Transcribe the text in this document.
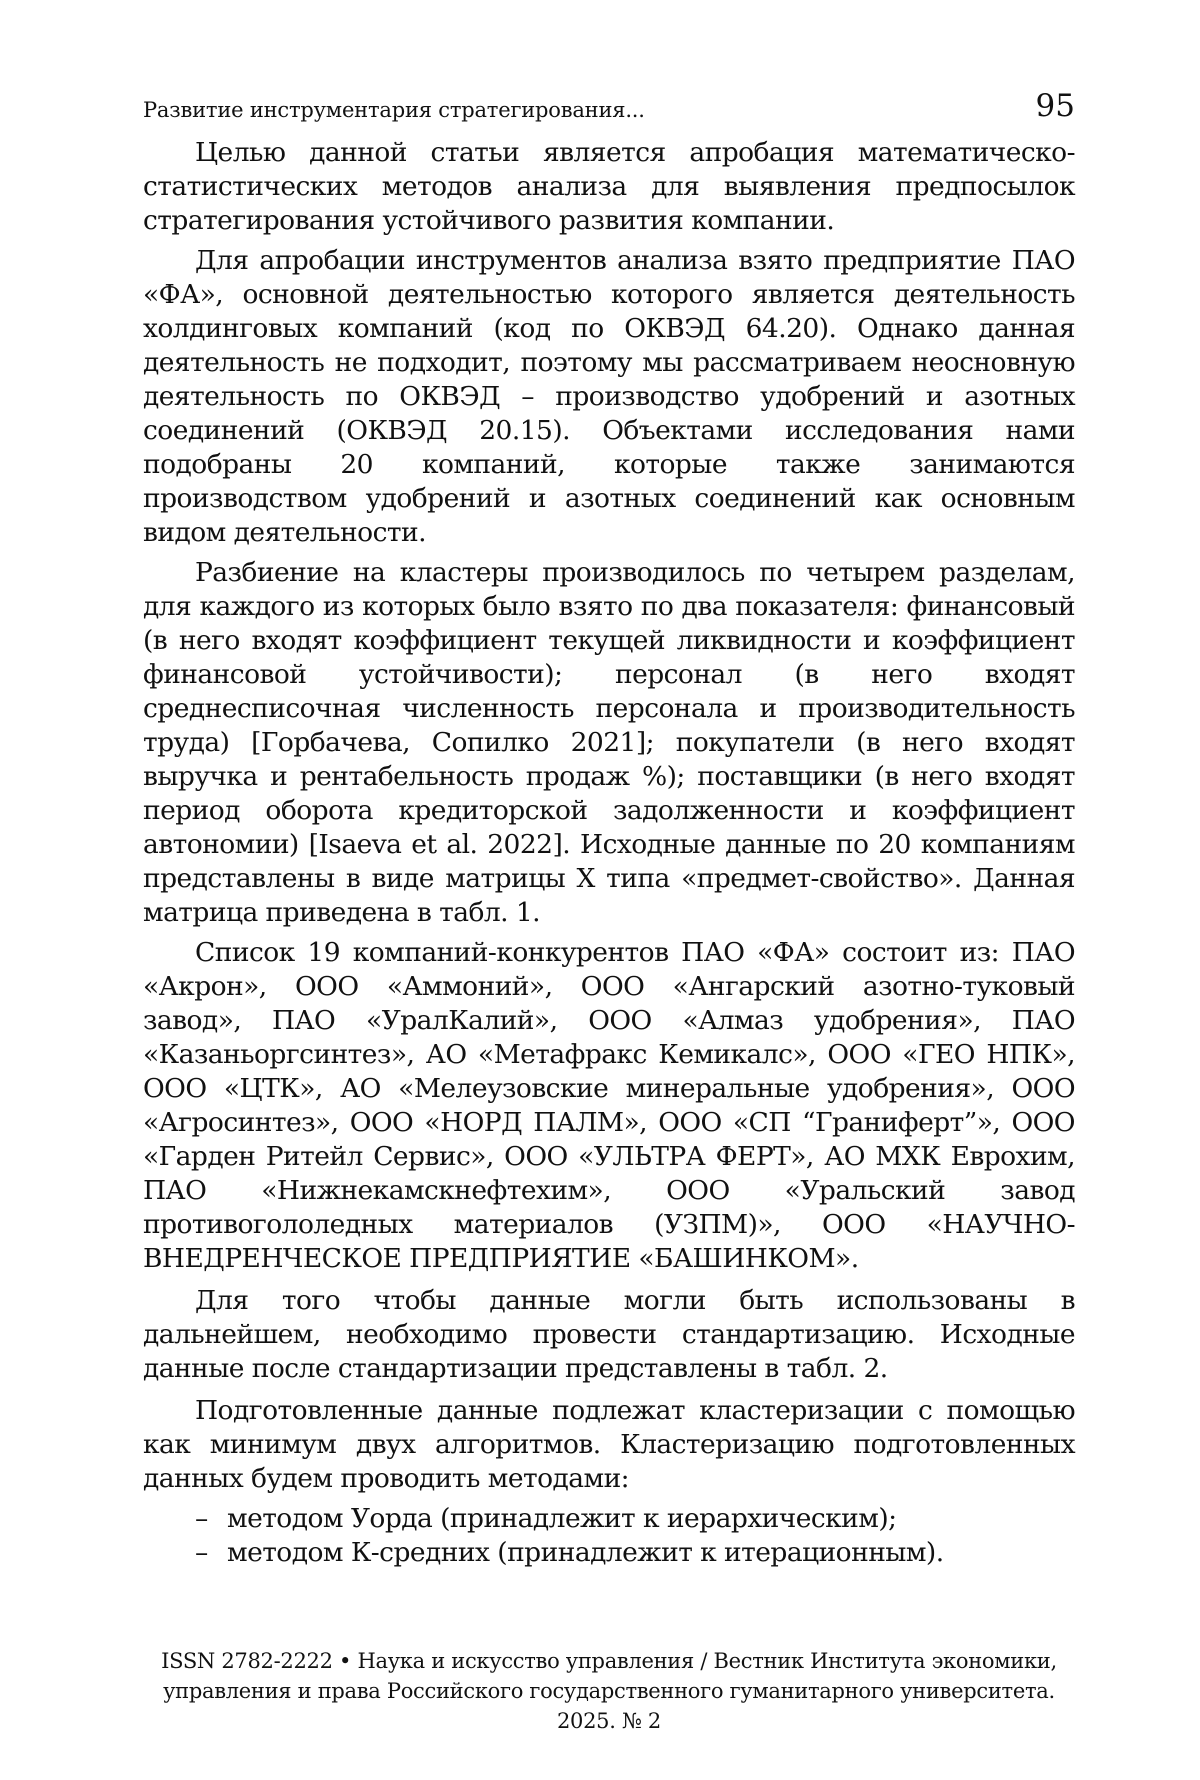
Развитие инструментария стратегирования...	95

Целью данной статьи является апробация математическо-статистических методов анализа для выявления предпосылок стратегирования устойчивого развития компании.

Для апробации инструментов анализа взято предприятие ПАО «ФА», основной деятельностью которого является деятельность холдинговых компаний (код по ОКВЭД 64.20). Однако данная деятельность не подходит, поэтому мы рассматриваем неосновную деятельность по ОКВЭД – производство удобрений и азотных соединений (ОКВЭД 20.15). Объектами исследования нами подобраны 20 компаний, которые также занимаются производством удобрений и азотных соединений как основным видом деятельности.

Разбиение на кластеры производилось по четырем разделам, для каждого из которых было взято по два показателя: финансовый (в него входят коэффициент текущей ликвидности и коэффициент финансовой устойчивости); персонал (в него входят среднесписочная численность персонала и производительность труда) [Горбачева, Сопилко 2021]; покупатели (в него входят выручка и рентабельность продаж %); поставщики (в него входят период оборота кредиторской задолженности и коэффициент автономии) [Isaeva et al. 2022]. Исходные данные по 20 компаниям представлены в виде матрицы X типа «предмет-свойство». Данная матрица приведена в табл. 1.

Список 19 компаний-конкурентов ПАО «ФА» состоит из: ПАО «Акрон», ООО «Аммоний», ООО «Ангарский азотно-туковый завод», ПАО «УралКалий», ООО «Алмаз удобрения», ПАО «Казаньоргсинтез», АО «Метафракс Кемикалс», ООО «ГЕО НПК», ООО «ЦТК», АО «Мелеузовские минеральные удобрения», ООО «Агросинтез», ООО «НОРД ПАЛМ», ООО «СП “Граниферт”», ООО «Гарден Ритейл Сервис», ООО «УЛЬТРА ФЕРТ», АО МХК Еврохим, ПАО «Нижнекамскнефтехим», ООО «Уральский завод противогололедных материалов (УЗПМ)», ООО «НАУЧНО-ВНЕДРЕНЧЕСКОЕ ПРЕДПРИЯТИЕ «БАШИНКОМ».

Для того чтобы данные могли быть использованы в дальнейшем, необходимо провести стандартизацию. Исходные данные после стандартизации представлены в табл. 2.

Подготовленные данные подлежат кластеризации с помощью как минимум двух алгоритмов. Кластеризацию подготовленных данных будем проводить методами:

– методом Уорда (принадлежит к иерархическим);
– методом К-средних (принадлежит к итерационным).
ISSN 2782-2222 • Наука и искусство управления / Вестник Института экономики,
управления и права Российского государственного гуманитарного университета. 2025. № 2
